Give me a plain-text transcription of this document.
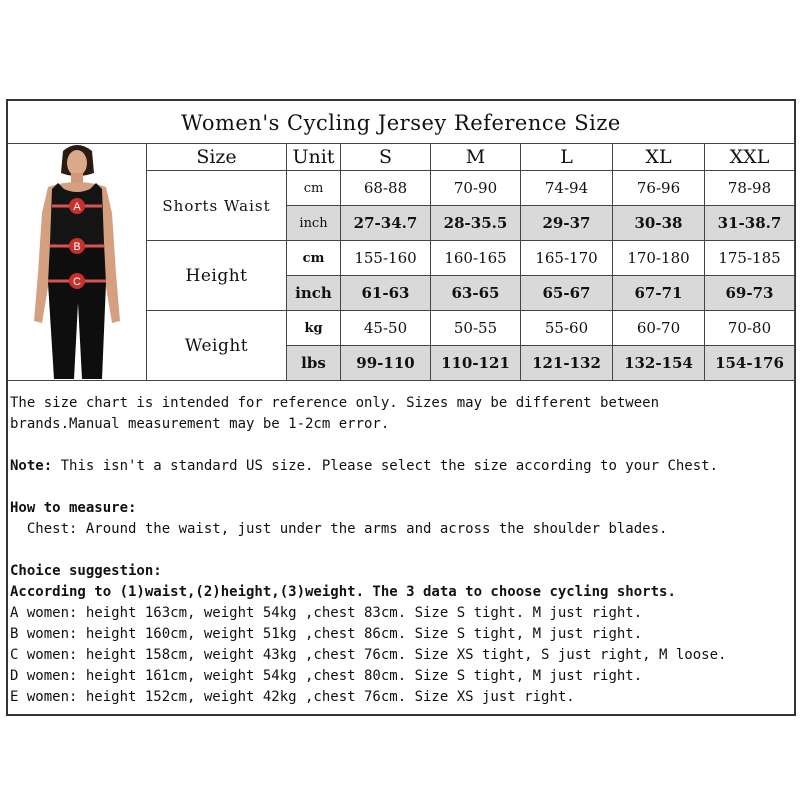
Women's Cycling Jersey Reference Size
A
B
C
Size	Unit	S	M	L	XL	XXL
Shorts Waist	cm	68-88	70-90	74-94	76-96	78-98
	inch	27-34.7	28-35.5	29-37	30-38	31-38.7
Height	cm	155-160	160-165	165-170	170-180	175-185
	inch	61-63	63-65	65-67	67-71	69-73
Weight	kg	45-50	50-55	55-60	60-70	70-80
	lbs	99-110	110-121	121-132	132-154	154-176

The size chart is intended for reference only. Sizes may be different between

brands.Manual measurement may be 1-2cm error.

Note: This isn't a standard US size. Please select the size according to your Chest.

How to measure:

Chest: Around the waist, just under the arms and across the shoulder blades.

Choice suggestion:

According to (1)waist,(2)height,(3)weight. The 3 data to choose cycling shorts.

A women: height 163cm, weight 54kg ,chest 83cm. Size S tight. M just right.

B women: height 160cm, weight 51kg ,chest 86cm. Size S tight, M just right.

C women: height 158cm, weight 43kg ,chest 76cm. Size XS tight, S just right, M loose.

D women: height 161cm, weight 54kg ,chest 80cm. Size S tight, M just right.

E women: height 152cm, weight 42kg ,chest 76cm. Size XS just right.
